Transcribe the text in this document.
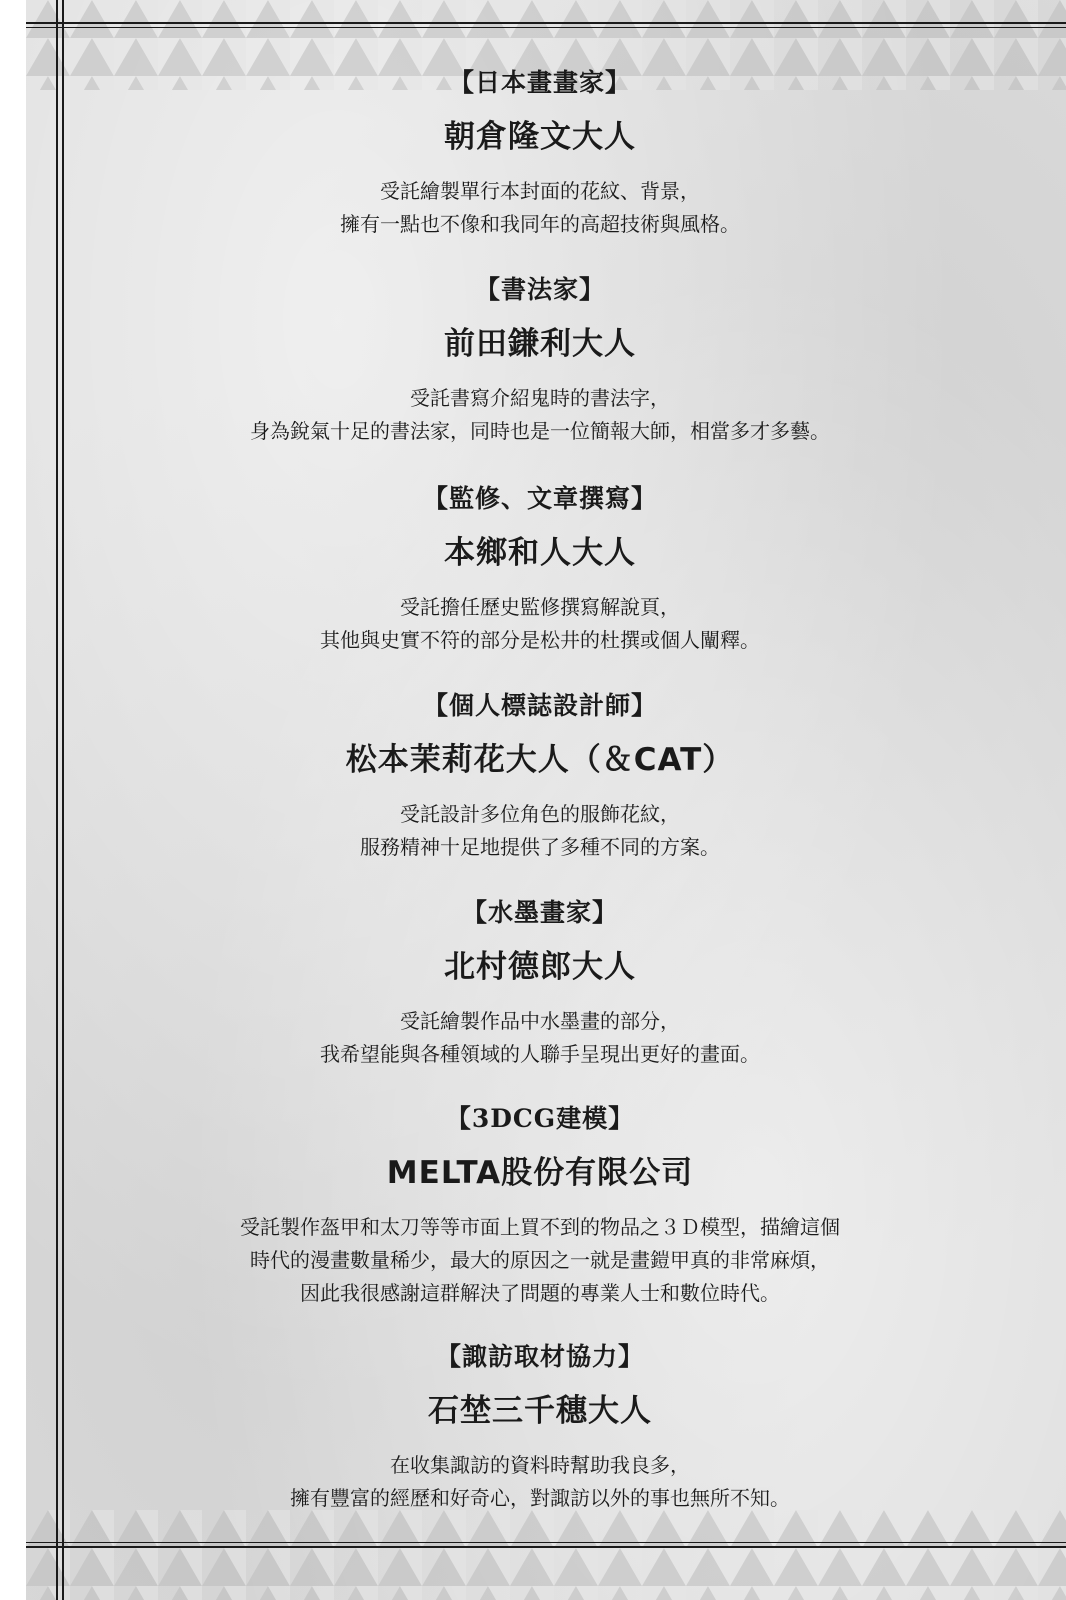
【日本畫畫家】
朝倉隆文大人
受託繪製單行本封面的花紋、背景，
擁有一點也不像和我同年的高超技術與風格。
【書法家】
前田鎌利大人
受託書寫介紹鬼時的書法字，
身為銳氣十足的書法家，同時也是一位簡報大師，相當多才多藝。
【監修、文章撰寫】
本鄉和人大人
受託擔任歷史監修撰寫解說頁，
其他與史實不符的部分是松井的杜撰或個人闡釋。
【個人標誌設計師】
松本茉莉花大人（＆CAT）
受託設計多位角色的服飾花紋，
服務精神十足地提供了多種不同的方案。
【水墨畫家】
北村德郎大人
受託繪製作品中水墨畫的部分，
我希望能與各種領域的人聯手呈現出更好的畫面。
【3DCG建模】
MELTA股份有限公司
受託製作盔甲和太刀等等市面上買不到的物品之３Ｄ模型，描繪這個
時代的漫畫數量稀少，最大的原因之一就是畫鎧甲真的非常麻煩，
因此我很感謝這群解決了問題的專業人士和數位時代。
【諏訪取材協力】
石埜三千穗大人
在收集諏訪的資料時幫助我良多，
擁有豐富的經歷和好奇心，對諏訪以外的事也無所不知。
